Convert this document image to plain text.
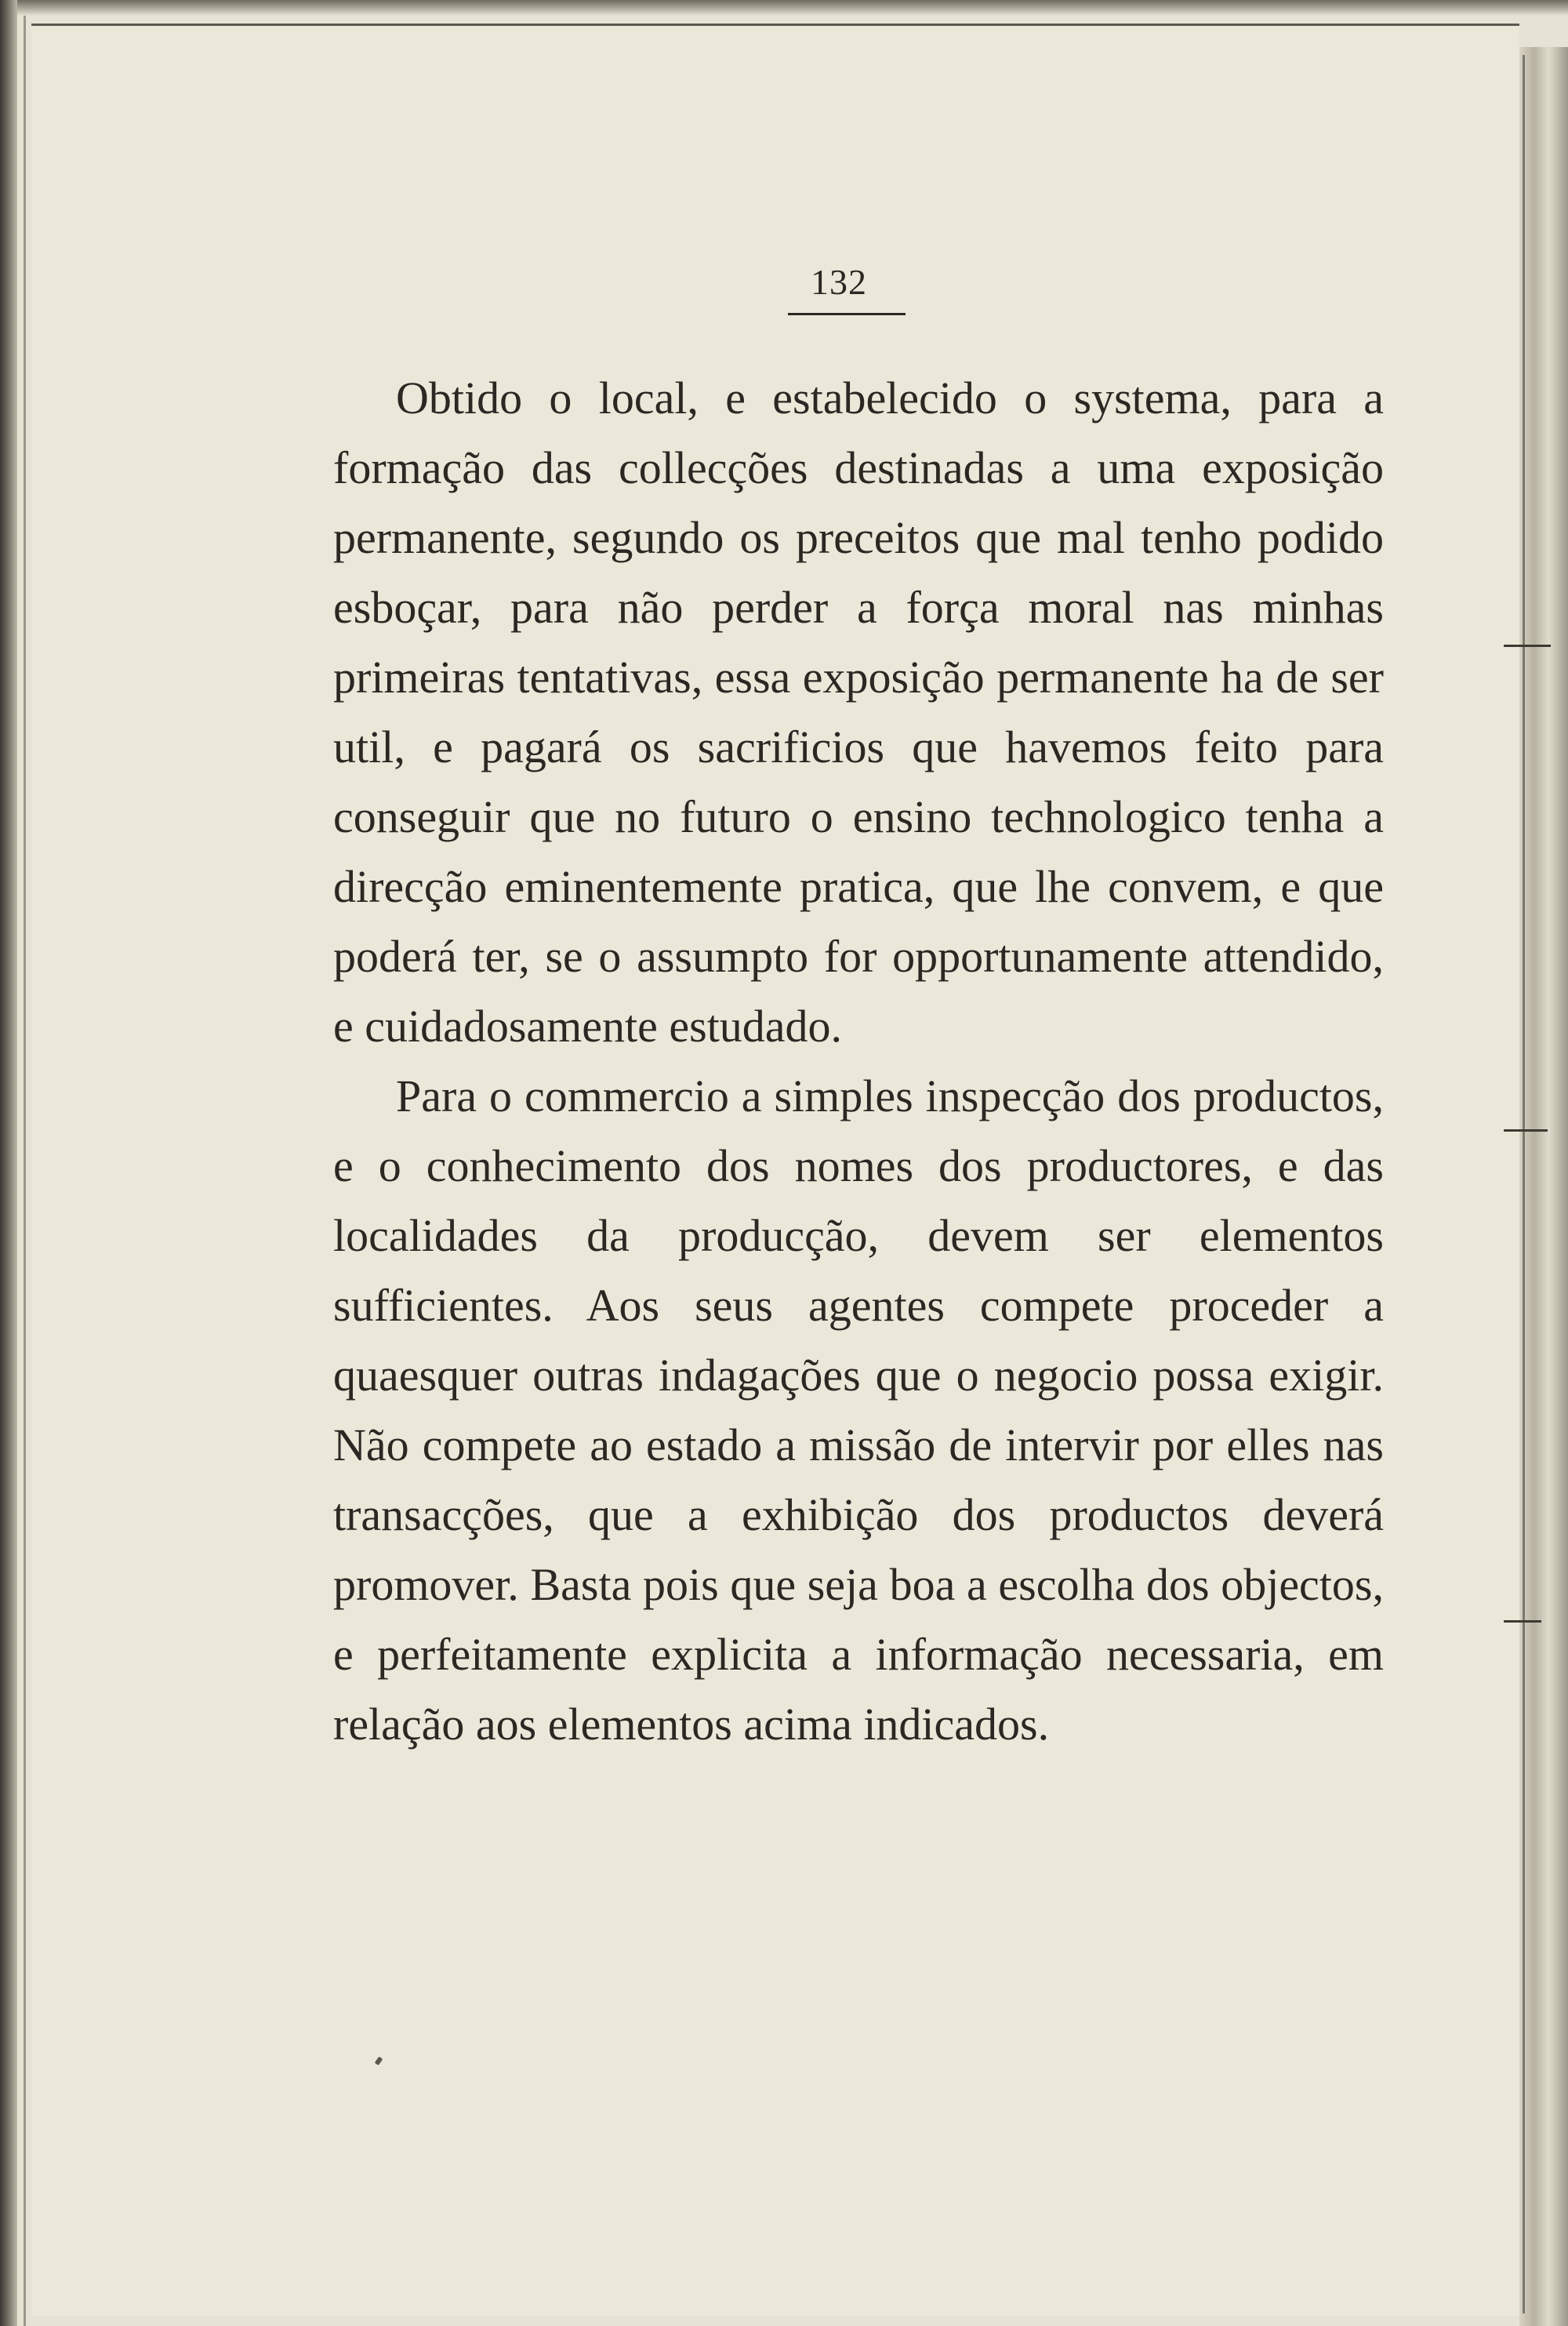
132

Obtido o local, e estabelecido o systema, para a formação das collecções destinadas a uma exposição permanente, segundo os preceitos que mal tenho podido esboçar, para não perder a força moral nas minhas primeiras tentativas, essa exposição permanente ha de ser util, e pagará os sacrificios que havemos feito para conseguir que no futuro o ensino technologico tenha a direcção eminentemente pratica, que lhe convem, e que poderá ter, se o assumpto for opportunamente attendido, e cuidadosamente estudado.

Para o commercio a simples inspecção dos productos, e o conhecimento dos nomes dos productores, e das localidades da producção, devem ser elementos sufficientes. Aos seus agentes compete proceder a quaesquer outras indagações que o negocio possa exigir. Não compete ao estado a missão de intervir por elles nas transacções, que a exhibição dos productos deverá promover. Basta pois que seja boa a escolha dos objectos, e perfeitamente explicita a informação necessaria, em relação aos elementos acima indicados.
